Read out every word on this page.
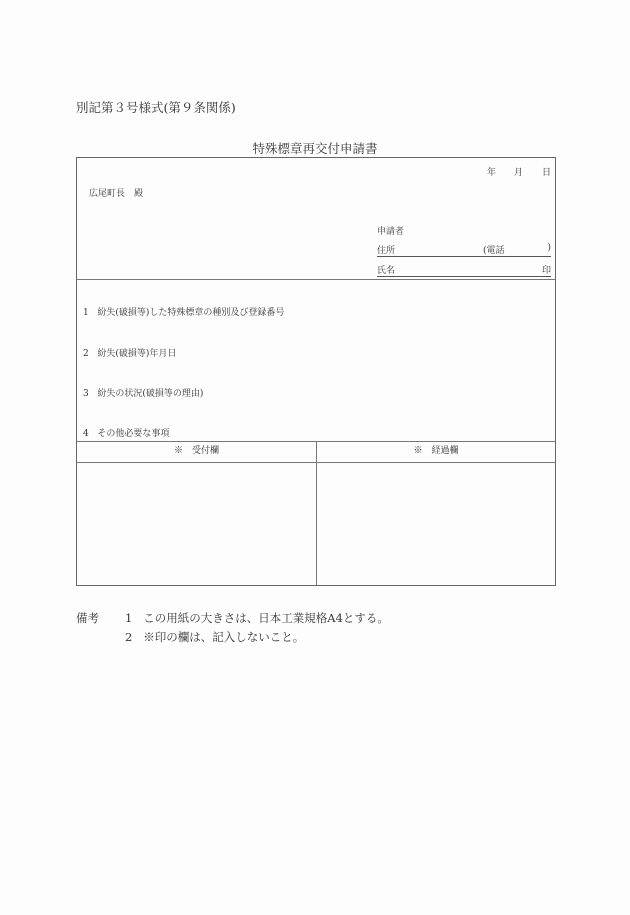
別記第３号様式(第９条関係)
特殊標章再交付申請書
年 月 日
広尾町長　殿
申請者
住所	(電話	)
氏名	印
1 紛失(破損等)した特殊標章の種別及び登録番号
2 紛失(破損等)年月日
3 紛失の状況(破損等の理由)
4 その他必要な事項
※　受付欄	※　経過欄
備考 1 この用紙の大きさは、日本工業規格A4とする。
2 ※印の欄は、記入しないこと。
